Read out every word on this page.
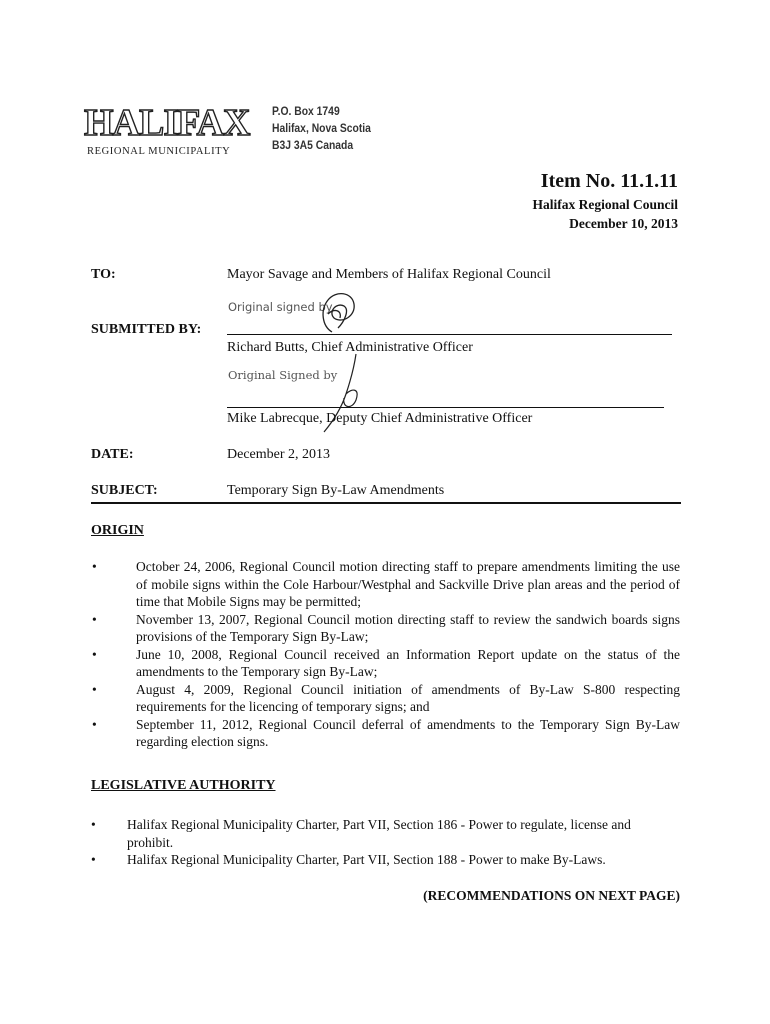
HALIFAX
REGIONAL MUNICIPALITY
P.O. Box 1749
Halifax, Nova Scotia
B3J 3A5 Canada
Item No. 11.1.11
Halifax Regional Council
December 10, 2013
TO:	Mayor Savage and Members of Halifax Regional Council
Original signed by
SUBMITTED BY:
Richard Butts, Chief Administrative Officer
Original Signed by
Mike Labrecque, Deputy Chief Administrative Officer
DATE:	December 2, 2013
SUBJECT:	Temporary Sign By-Law Amendments
ORIGIN
•	October 24, 2006, Regional Council motion directing staff to prepare amendments limiting the use of mobile signs within the Cole Harbour/Westphal and Sackville Drive plan areas and the period of time that Mobile Signs may be permitted;
•	November 13, 2007, Regional Council motion directing staff to review the sandwich boards signs provisions of the Temporary Sign By-Law;
•	June 10, 2008, Regional Council received an Information Report update on the status of the amendments to the Temporary sign By-Law;
•	August 4, 2009, Regional Council initiation of amendments of By-Law S-800 respecting requirements for the licencing of temporary signs; and
•	September 11, 2012, Regional Council deferral of amendments to the Temporary Sign By-Law regarding election signs.
LEGISLATIVE AUTHORITY
• Halifax Regional Municipality Charter, Part VII, Section 186 - Power to regulate, license and prohibit.
• Halifax Regional Municipality Charter, Part VII, Section 188 - Power to make By-Laws.
(RECOMMENDATIONS ON NEXT PAGE)
